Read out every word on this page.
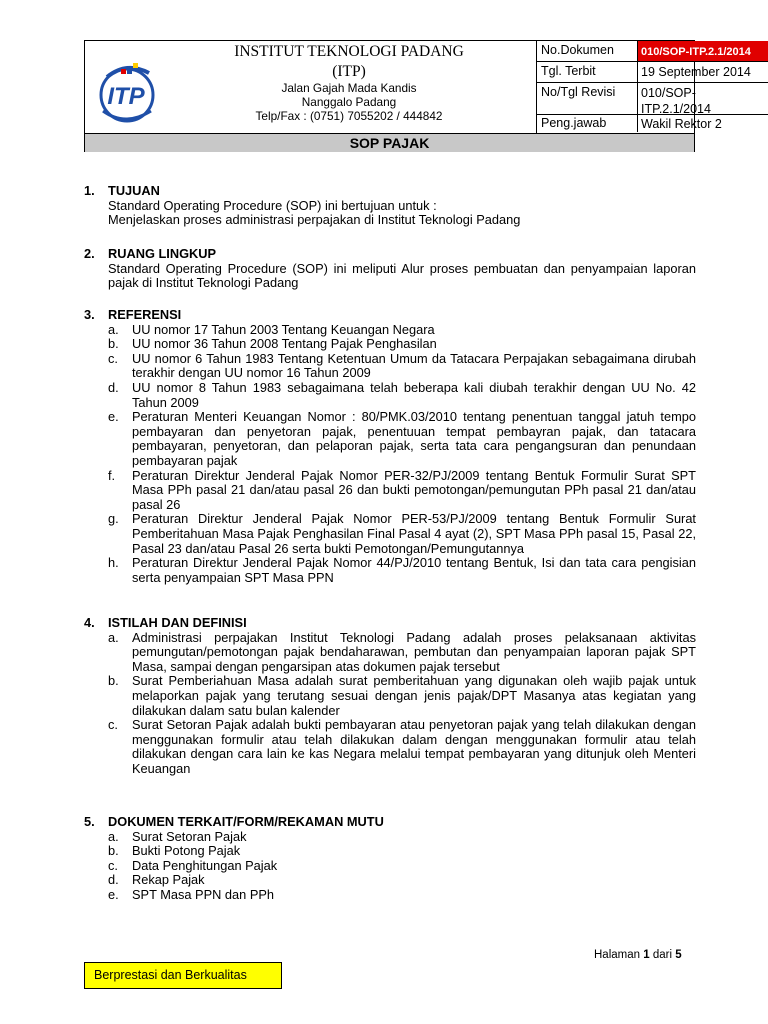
ITP
INSTITUT TEKNOLOGI PADANG
(ITP)
Jalan Gajah Mada Kandis
Nanggalo Padang
Telp/Fax : (0751) 7055202 / 444842
No.Dokumen 010/SOP-ITP.2.1/2014
Tgl. Terbit	19 September 2014
No/Tgl Revisi 010/SOP-
ITP.2.1/2014
Peng.jawab	Wakil Rektor 2
SOP PAJAK
1. TUJUAN
Standard Operating Procedure (SOP) ini bertujuan untuk :
Menjelaskan proses administrasi perpajakan di Institut Teknologi Padang
2. RUANG LINGKUP
Standard Operating Procedure (SOP) ini meliputi Alur proses pembuatan dan penyampaian laporan pajak di Institut Teknologi Padang
3. REFERENSI
a. UU nomor 17 Tahun 2003 Tentang Keuangan Negara
b. UU nomor 36 Tahun 2008 Tentang Pajak Penghasilan
c. UU nomor 6 Tahun 1983 Tentang Ketentuan Umum da Tatacara Perpajakan sebagaimana dirubah terakhir dengan UU nomor 16 Tahun 2009
d. UU nomor 8 Tahun 1983 sebagaimana telah beberapa kali diubah terakhir dengan UU No. 42 Tahun 2009
e. Peraturan Menteri Keuangan Nomor : 80/PMK.03/2010 tentang penentuan tanggal jatuh tempo pembayaran dan penyetoran pajak, penentuuan tempat pembayran pajak, dan tatacara pembayaran, penyetoran, dan pelaporan pajak, serta tata cara pengangsuran dan penundaan pembayaran pajak
f. Peraturan Direktur Jenderal Pajak Nomor PER-32/PJ/2009 tentang Bentuk Formulir Surat SPT Masa PPh pasal 21 dan/atau pasal 26 dan bukti pemotongan/pemungutan PPh pasal 21 dan/atau pasal 26
g. Peraturan Direktur Jenderal Pajak Nomor PER-53/PJ/2009 tentang Bentuk Formulir Surat Pemberitahuan Masa Pajak Penghasilan Final Pasal 4 ayat (2), SPT Masa PPh pasal 15, Pasal 22, Pasal 23 dan/atau Pasal 26 serta bukti Pemotongan/Pemungutannya
h. Peraturan Direktur Jenderal Pajak Nomor 44/PJ/2010 tentang Bentuk, Isi dan tata cara pengisian serta penyampaian SPT Masa PPN
4. ISTILAH DAN DEFINISI
a. Administrasi perpajakan Institut Teknologi Padang adalah proses pelaksanaan aktivitas pemungutan/pemotongan pajak bendaharawan, pembutan dan penyampaian laporan pajak SPT Masa, sampai dengan pengarsipan atas dokumen pajak tersebut
b. Surat Pemberiahuan Masa adalah surat pemberitahuan yang digunakan oleh wajib pajak untuk melaporkan pajak yang terutang sesuai dengan jenis pajak/DPT Masanya atas kegiatan yang dilakukan dalam satu bulan kalender
c. Surat Setoran Pajak adalah bukti pembayaran atau penyetoran pajak yang telah dilakukan dengan menggunakan formulir atau telah dilakukan dalam dengan menggunakan formulir atau telah dilakukan dengan cara lain ke kas Negara melalui tempat pembayaran yang ditunjuk oleh Menteri Keuangan
5. DOKUMEN TERKAIT/FORM/REKAMAN MUTU
a. Surat Setoran Pajak
b. Bukti Potong Pajak
c. Data Penghitungan Pajak
d. Rekap Pajak
e. SPT Masa PPN dan PPh
Halaman 1 dari 5
Berprestasi dan Berkualitas
